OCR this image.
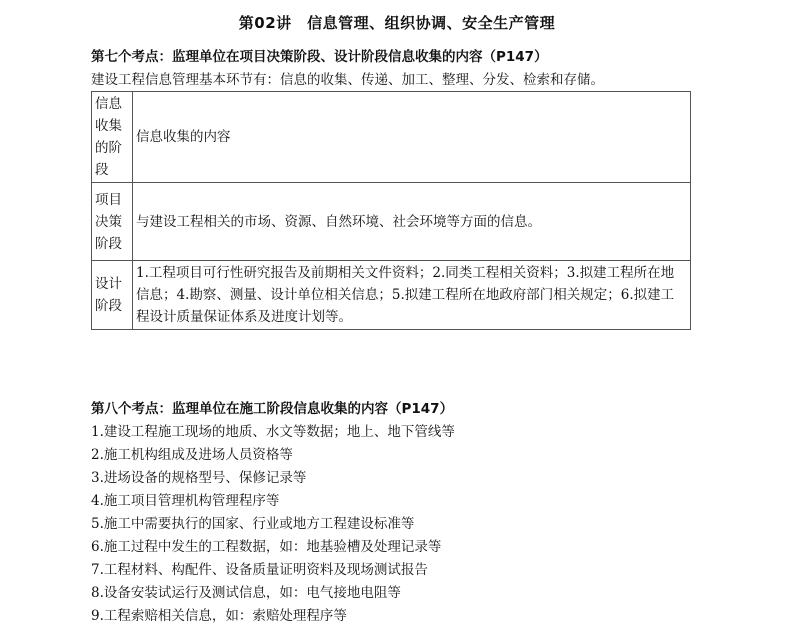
第02讲　信息管理、组织协调、安全生产管理
第七个考点：监理单位在项目决策阶段、设计阶段信息收集的内容（P147）
建设工程信息管理基本环节有：信息的收集、传递、加工、整理、分发、检索和存储。
信息收集的阶段	信息收集的内容
项目决策阶段	与建设工程相关的市场、资源、自然环境、社会环境等方面的信息。
设计阶段	1.工程项目可行性研究报告及前期相关文件资料；2.同类工程相关资料；3.拟建工程所在地信息；4.勘察、测量、设计单位相关信息；5.拟建工程所在地政府部门相关规定；6.拟建工程设计质量保证体系及进度计划等。
第八个考点：监理单位在施工阶段信息收集的内容（P147）
1.建设工程施工现场的地质、水文等数据；地上、地下管线等
2.施工机构组成及进场人员资格等
3.进场设备的规格型号、保修记录等
4.施工项目管理机构管理程序等
5.施工中需要执行的国家、行业或地方工程建设标准等
6.施工过程中发生的工程数据，如：地基验槽及处理记录等
7.工程材料、构配件、设备质量证明资料及现场测试报告
8.设备安装试运行及测试信息，如：电气接地电阻等
9.工程索赔相关信息，如：索赔处理程序等
